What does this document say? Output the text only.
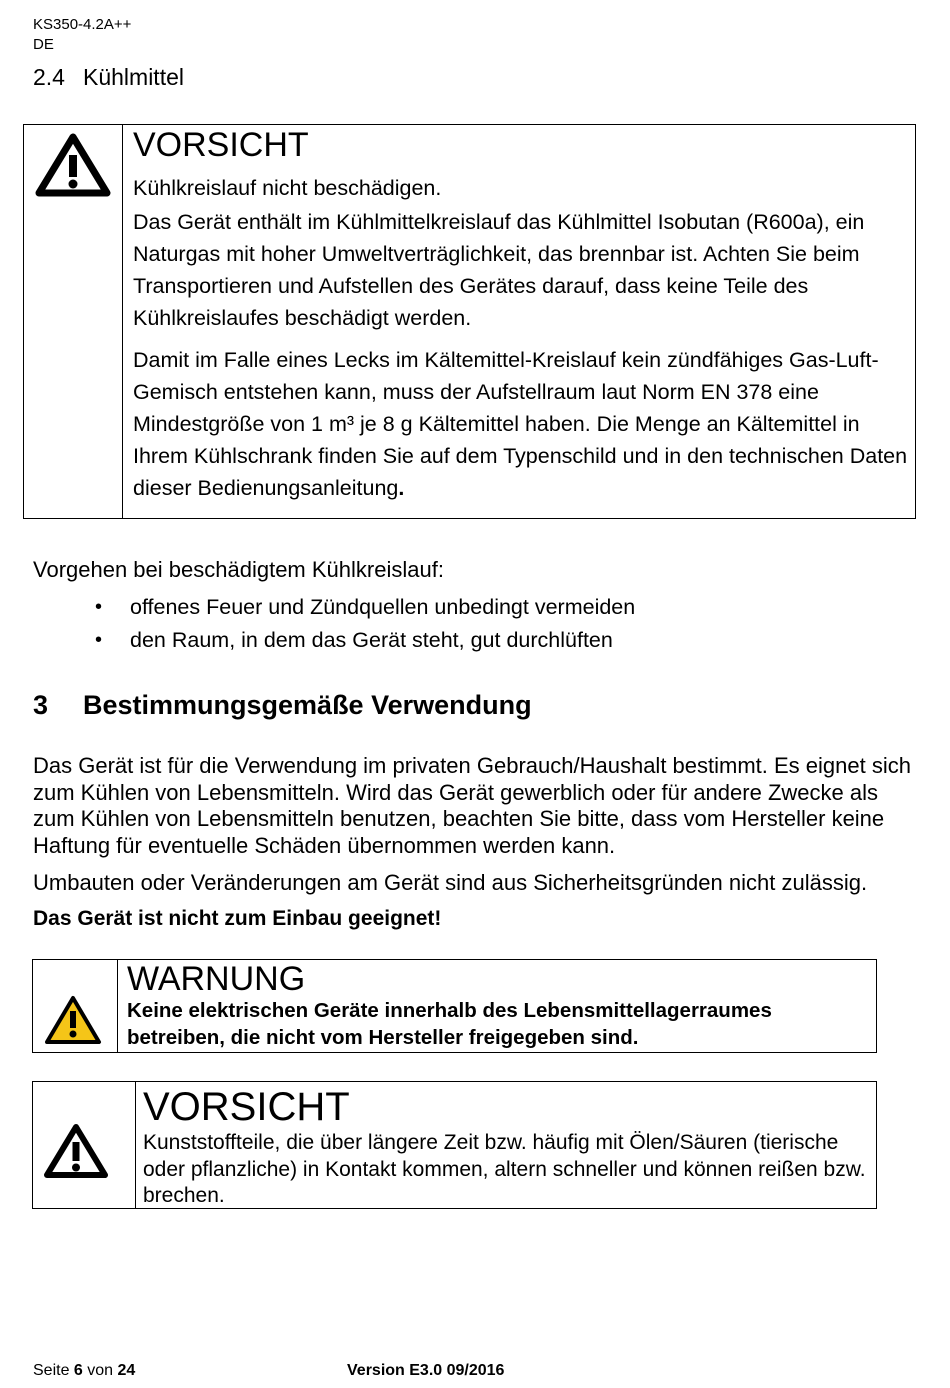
KS350-4.2A++
DE
2.4 Kühlmittel
VORSICHT

Kühlkreislauf nicht beschädigen.

Das Gerät enthält im Kühlmittelkreislauf das Kühlmittel Isobutan (R600a), ein Naturgas mit hoher Umweltverträglichkeit, das brennbar ist. Achten Sie beim Transportieren und Aufstellen des Gerätes darauf, dass keine Teile des Kühlkreislaufes beschädigt werden.

Damit im Falle eines Lecks im Kältemittel-Kreislauf kein zündfähiges Gas-Luft-Gemisch entstehen kann, muss der Aufstellraum laut Norm EN 378 eine Mindestgröße von 1 m³ je 8 g Kältemittel haben. Die Menge an Kältemittel in Ihrem Kühlschrank finden Sie auf dem Typenschild und in den technischen Daten dieser Bedienungsanleitung.

Vorgehen bei beschädigtem Kühlkreislauf:
• offenes Feuer und Zündquellen unbedingt vermeiden
• den Raum, in dem das Gerät steht, gut durchlüften
3 Bestimmungsgemäße Verwendung

Das Gerät ist für die Verwendung im privaten Gebrauch/Haushalt bestimmt. Es eignet sich zum Kühlen von Lebensmitteln. Wird das Gerät gewerblich oder für andere Zwecke als zum Kühlen von Lebensmitteln benutzen, beachten Sie bitte, dass vom Hersteller keine Haftung für eventuelle Schäden übernommen werden kann.

Umbauten oder Veränderungen am Gerät sind aus Sicherheitsgründen nicht zulässig.

Das Gerät ist nicht zum Einbau geeignet!

WARNUNG

Keine elektrischen Geräte innerhalb des Lebensmittellagerraumes betreiben, die nicht vom Hersteller freigegeben sind.

VORSICHT

Kunststoffteile, die über längere Zeit bzw. häufig mit Ölen/Säuren (tierische oder pflanzliche) in Kontakt kommen, altern schneller und können reißen bzw. brechen.

Seite 6 von 24	Version E3.0 09/2016
